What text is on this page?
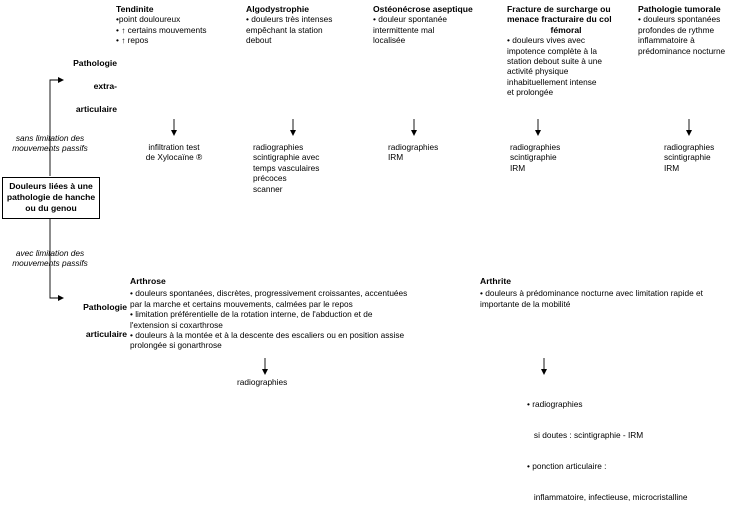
Douleurs liées à une
pathologie de hanche
ou du genou
sans limitation des
mouvements passifs
avec limitation des
mouvements passifs
Pathologie
extra-
articulaire
Pathologie
articulaire
Tendinite
•point douloureux
• ↑ certains mouvements
• ↑ repos
infiltration test
de Xylocaïne ®
Algodystrophie
• douleurs très intenses
empêchant la station
debout
radiographies
scintigraphie avec
temps vasculaires
précoces
scanner
Ostéonécrose aseptique
• douleur spontanée
intermittente mal
localisée
radiographies
IRM
Fracture de surcharge ou
menace fracturaire du col
fémoral
• douleurs vives avec
impotence complète à la
station debout suite à une
activité physique
inhabituellement intense
et prolongée
radiographies
scintigraphie
IRM
Pathologie tumorale
• douleurs spontanées
profondes de rythme
inflammatoire à
prédominance nocturne
radiographies
scintigraphie
IRM
Arthrose
• douleurs spontanées, discrètes, progressivement croissantes, accentuées
par la marche et certains mouvements, calmées par le repos
• limitation préférentielle de la rotation interne, de l'abduction et de
l'extension si coxarthrose
• douleurs à la montée et à la descente des escaliers ou en position assise
prolongée si gonarthrose
radiographies
Arthrite
• douleurs à prédominance nocturne avec limitation rapide et
importante de la mobilité

• radiographies

si doutes : scintigraphie - IRM

• ponction articulaire :

inflammatoire, infectieuse, microcristalline
